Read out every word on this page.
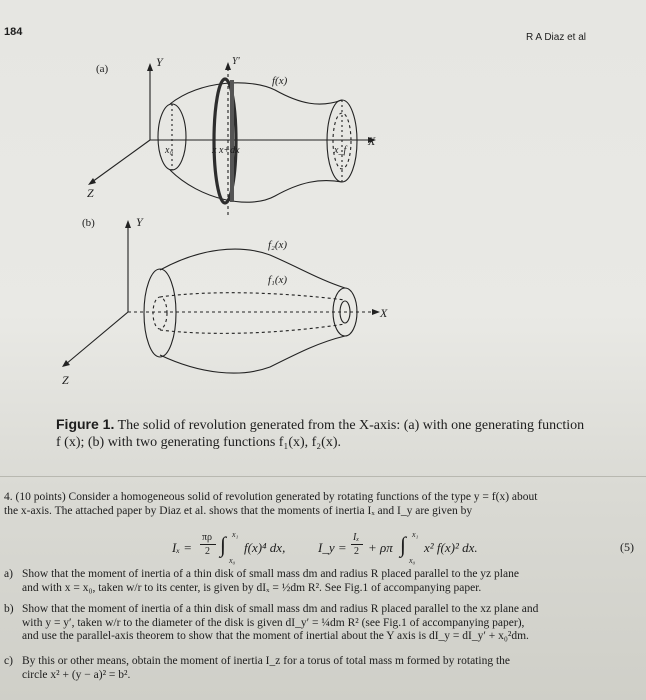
184	R A Diaz et al
(a)	Y	Y'
f(x)
X
Z
x₀	x x+dx	x_f
(b)	Y
f₂(x)
f₁(x)
X
Z
Figure 1. The solid of revolution generated from the X-axis: (a) with one generating function
f (x); (b) with two generating functions f₁(x), f₂(x).
4. (10 points) Consider a homogeneous solid of revolution generated by rotating functions of the type y = f(x) about
the x-axis. The attached paper by Diaz et al. shows that the moments of inertia Iₓ and I_y are given by
Iₓ =
πρ
2 ∫ x₁
x₀
f(x)⁴ dx,	I_y =
Iₓ
2 + ρπ ∫ x₁
x₀
x² f(x)² dx.	(5)
a) Show that the moment of inertia of a thin disk of small mass dm and radius R placed parallel to the yz plane
and with x = x₀, taken w/r to its center, is given by dIₓ = ½dm R². See Fig.1 of accompanying paper.
b) Show that the moment of inertia of a thin disk of small mass dm and radius R placed parallel to the xz plane and
with y = y′, taken w/r to the diameter of the disk is given dI_y′ = ¼dm R² (see Fig.1 of accompanying paper),
and use the parallel-axis theorem to show that the moment of inertial about the Y axis is dI_y = dI_y′ + x₀²dm.
c) By this or other means, obtain the moment of inertia I_z for a torus of total mass m formed by rotating the
circle x² + (y − a)² = b².
